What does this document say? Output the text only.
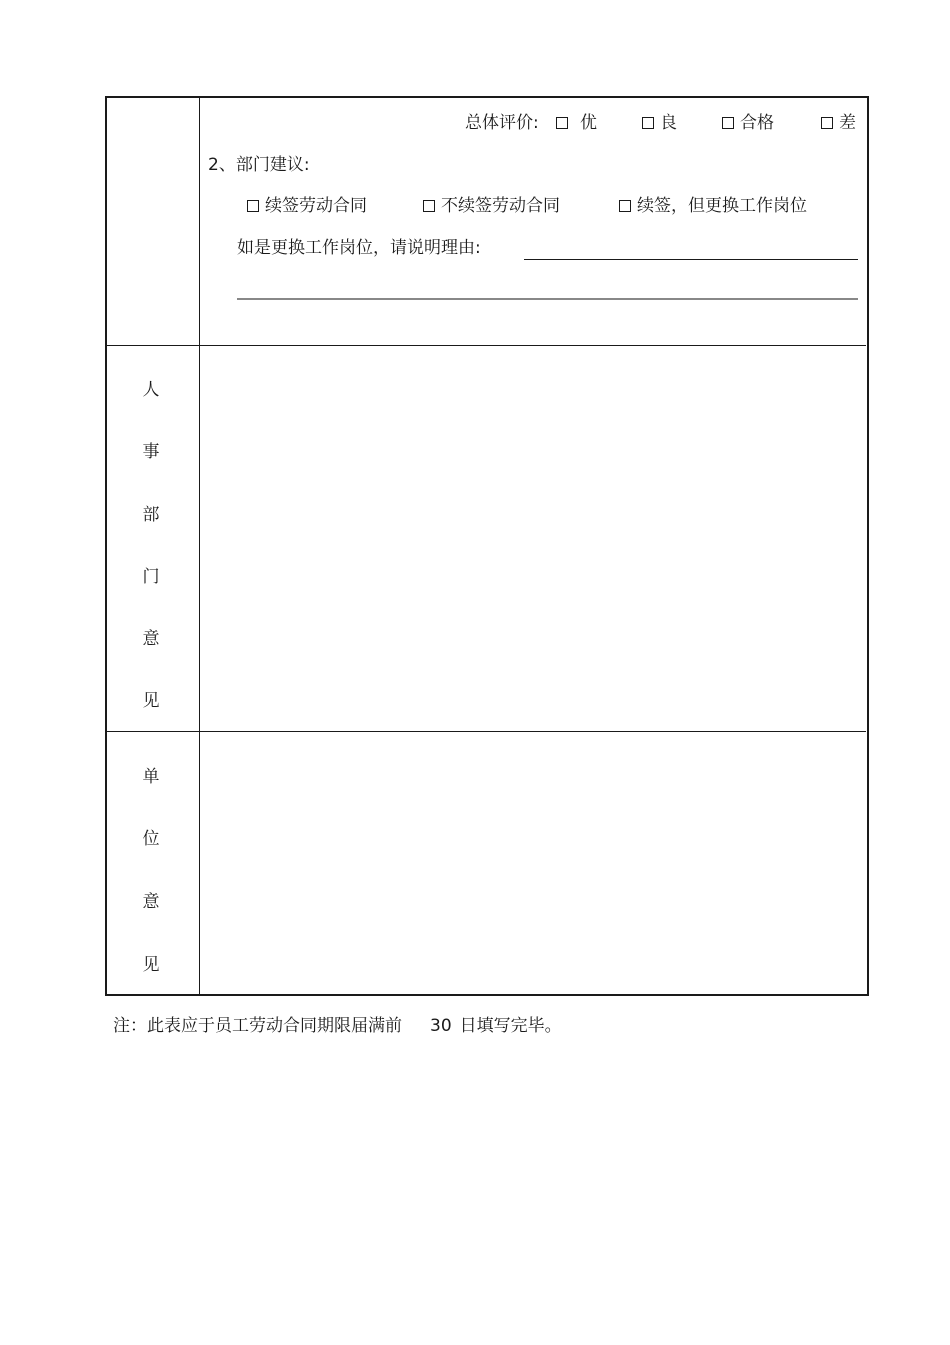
总体评价:	优	良	合格	差
2、部门建议:
续签劳动合同	不续签劳动合同	续签，但更换工作岗位
如是更换工作岗位，请说明理由:
人
事
部
门
意
见
单
位
意
见
注：此表应于员工劳动合同期限届满前 30 日填写完毕。
